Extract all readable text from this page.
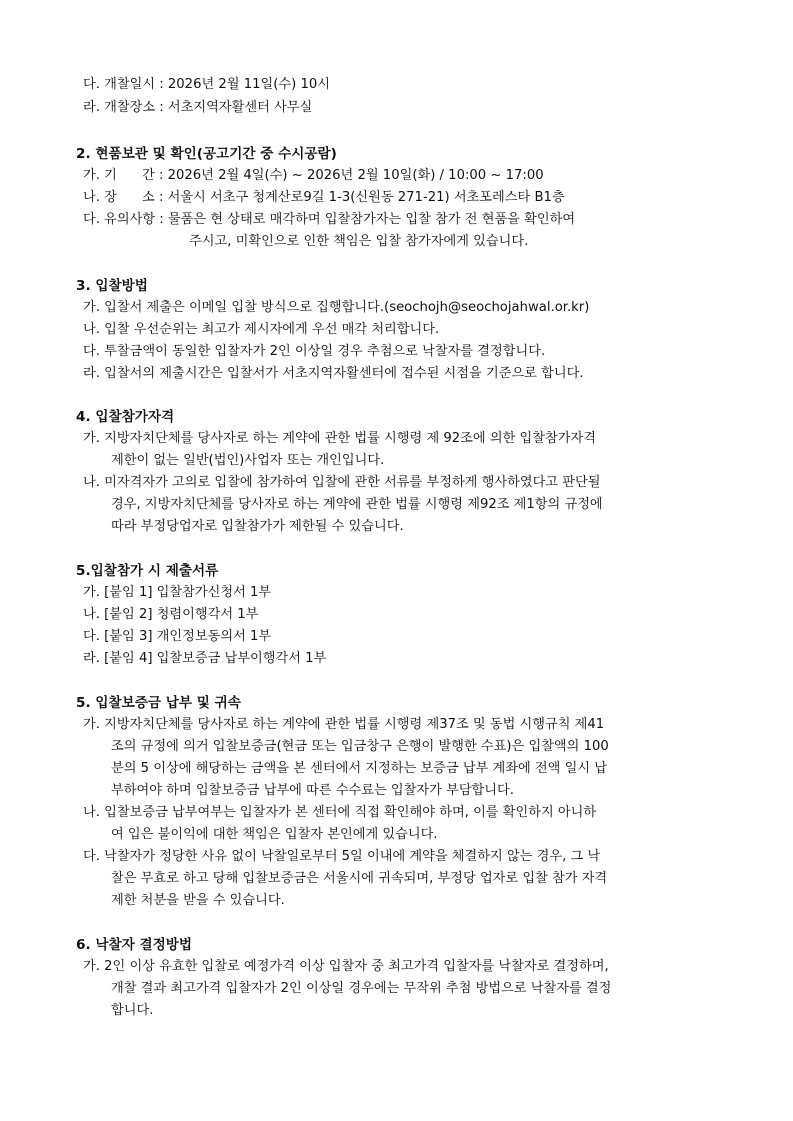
다. 개찰일시 : 2026년 2월 11일(수) 10시
라. 개찰장소 : 서초지역자활센터 사무실
2. 현품보관 및 확인(공고기간 중 수시공람)
가. 기      간 : 2026년 2월 4일(수) ~ 2026년 2월 10일(화) / 10:00 ~ 17:00
나. 장      소 : 서울시 서초구 청계산로9길 1-3(신원동 271-21) 서초포레스타 B1층
다. 유의사항 : 물품은 현 상태로 매각하며 입찰참가자는 입찰 참가 전 현품을 확인하여
주시고, 미확인으로 인한 책임은 입찰 참가자에게 있습니다.
3. 입찰방법
가. 입찰서 제출은 이메일 입찰 방식으로 집행합니다.(seochojh@seochojahwal.or.kr)
나. 입찰 우선순위는 최고가 제시자에게 우선 매각 처리합니다.
다. 투찰금액이 동일한 입찰자가 2인 이상일 경우 추첨으로 낙찰자를 결정합니다.
라. 입찰서의 제출시간은 입찰서가 서초지역자활센터에 접수된 시점을 기준으로 합니다.
4. 입찰참가자격
가. 지방자치단체를 당사자로 하는 계약에 관한 법률 시행령 제 92조에 의한 입찰참가자격
제한이 없는 일반(법인)사업자 또는 개인입니다.
나. 미자격자가 고의로 입찰에 참가하여 입찰에 관한 서류를 부정하게 행사하였다고 판단될
경우, 지방자치단체를 당사자로 하는 계약에 관한 법률 시행령 제92조 제1항의 규정에
따라 부정당업자로 입찰참가가 제한될 수 있습니다.
5.입찰참가 시 제출서류
가. [붙임 1] 입찰참가신청서 1부
나. [붙임 2] 청렴이행각서 1부
다. [붙임 3] 개인정보동의서 1부
라. [붙임 4] 입찰보증금 납부이행각서 1부
5. 입찰보증금 납부 및 귀속
가. 지방자치단체를 당사자로 하는 계약에 관한 법률 시행령 제37조 및 동법 시행규칙 제41
조의 규정에 의거 입찰보증금(현금 또는 입금창구 은행이 발행한 수표)은 입찰액의 100
분의 5 이상에 해당하는 금액을 본 센터에서 지정하는 보증금 납부 계좌에 전액 일시 납
부하여야 하며 입찰보증금 납부에 따른 수수료는 입찰자가 부담합니다.
나. 입찰보증금 납부여부는 입찰자가 본 센터에 직접 확인해야 하며, 이를 확인하지 아니하
여 입은 불이익에 대한 책임은 입찰자 본인에게 있습니다.
다. 낙찰자가 정당한 사유 없이 낙찰일로부터 5일 이내에 계약을 체결하지 않는 경우, 그 낙
찰은 무효로 하고 당해 입찰보증금은 서울시에 귀속되며, 부정당 업자로 입찰 참가 자격
제한 처분을 받을 수 있습니다.
6. 낙찰자 결정방법
가. 2인 이상 유효한 입찰로 예정가격 이상 입찰자 중 최고가격 입찰자를 낙찰자로 결정하며,
개찰 결과 최고가격 입찰자가 2인 이상일 경우에는 무작위 추첨 방법으로 낙찰자를 결정
합니다.
